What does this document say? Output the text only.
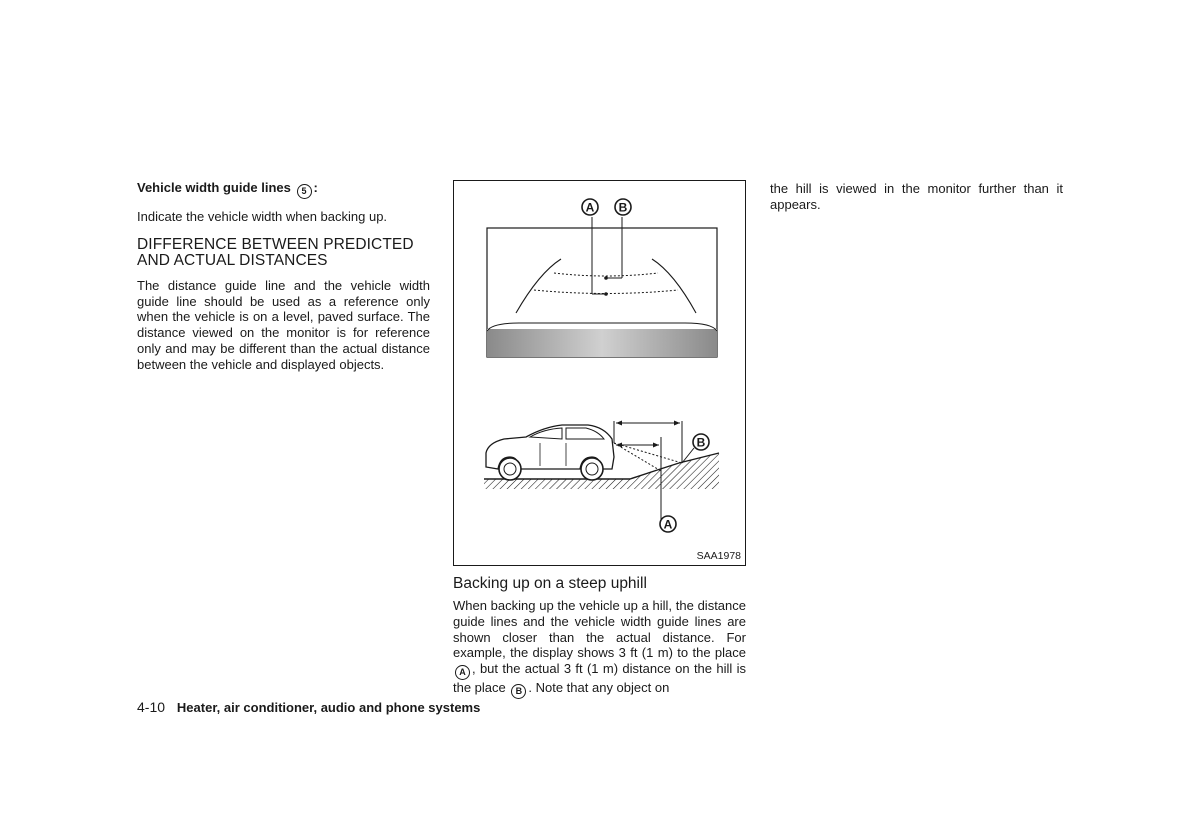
Vehicle width guide lines 5 :

Indicate the vehicle width when backing up.

DIFFERENCE BETWEEN PREDICTED
AND ACTUAL DISTANCES

The distance guide line and the vehicle width guide line should be used as a reference only when the vehicle is on a level, paved surface. The distance viewed on the monitor is for reference only and may be different than the actual distance between the vehicle and displayed objects.

A B
B
A
SAA1978
Backing up on a steep uphill

When backing up the vehicle up a hill, the distance guide lines and the vehicle width guide lines are shown closer than the actual distance. For example, the display shows 3 ft (1 m) to the place A , but the actual 3 ft (1 m) distance on the hill is the place B . Note that any object on

the hill is viewed in the monitor further than it appears.

4-10 Heater, air conditioner, audio and phone systems
